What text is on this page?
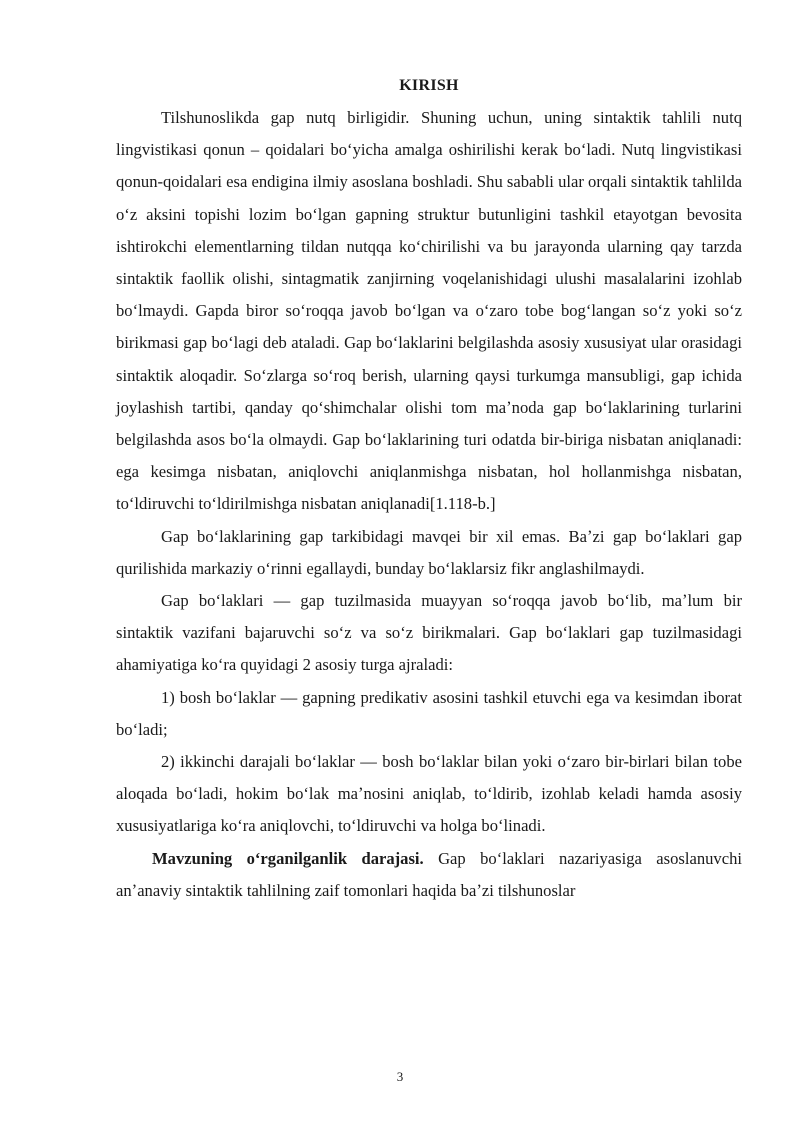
KIRISH

Tilshunoslikda gap nutq birligidir. Shuning uchun, uning sintaktik tahlili nutq lingvistikasi qonun – qoidalari boʻyicha amalga oshirilishi kerak boʻladi. Nutq lingvistikasi qonun-qoidalari esa endigina ilmiy asoslana boshladi. Shu sababli ular orqali sintaktik tahlilda oʻz aksini topishi lozim boʻlgan gapning struktur butunligini tashkil etayotgan bevosita ishtirokchi elementlarning tildan nutqqa koʻchirilishi va bu jarayonda ularning qay tarzda sintaktik faollik olishi, sintagmatik zanjirning voqelanishidagi ulushi masalalarini izohlab boʻlmaydi. Gapda biror soʻroqqa javob boʻlgan va oʻzaro tobe bogʻlangan soʻz yoki soʻz birikmasi gap boʻlagi deb ataladi. Gap boʻlaklarini belgilashda asosiy xususiyat ular orasidagi sintaktik aloqadir. Soʻzlarga soʻroq berish, ularning qaysi turkumga mansubligi, gap ichida joylashish tartibi, qanday qoʻshimchalar olishi tom maʼnoda gap boʻlaklarining turlarini belgilashda asos boʻla olmaydi. Gap boʻlaklarining turi odatda bir-biriga nisbatan aniqlanadi: ega kesimga nisbatan, aniqlovchi aniqlanmishga nisbatan, hol hollanmishga nisbatan, toʻldiruvchi toʻldirilmishga nisbatan aniqlanadi[1.118-b.]

Gap boʻlaklarining gap tarkibidagi mavqei bir xil emas. Baʼzi gap boʻlaklari gap qurilishida markaziy oʻrinni egallaydi, bunday boʻlaklarsiz fikr anglashilmaydi.

Gap boʻlaklari — gap tuzilmasida muayyan soʻroqqa javob boʻlib, maʼlum bir sintaktik vazifani bajaruvchi soʻz va soʻz birikmalari. Gap boʻlaklari gap tuzilmasidagi ahamiyatiga koʻra quyidagi 2 asosiy turga ajraladi:

1) bosh boʻlaklar — gapning predikativ asosini tashkil etuvchi ega va kesimdan iborat boʻladi;

2) ikkinchi darajali boʻlaklar — bosh boʻlaklar bilan yoki oʻzaro bir-birlari bilan tobe aloqada boʻladi, hokim boʻlak maʼnosini aniqlab, toʻldirib, izohlab keladi hamda asosiy xususiyatlariga koʻra aniqlovchi, toʻldiruvchi va holga boʻlinadi.

Mavzuning oʻrganilganlik darajasi. Gap boʻlaklari nazariyasiga asoslanuvchi anʼanaviy sintaktik tahlilning zaif tomonlari haqida baʼzi tilshunoslar

3
